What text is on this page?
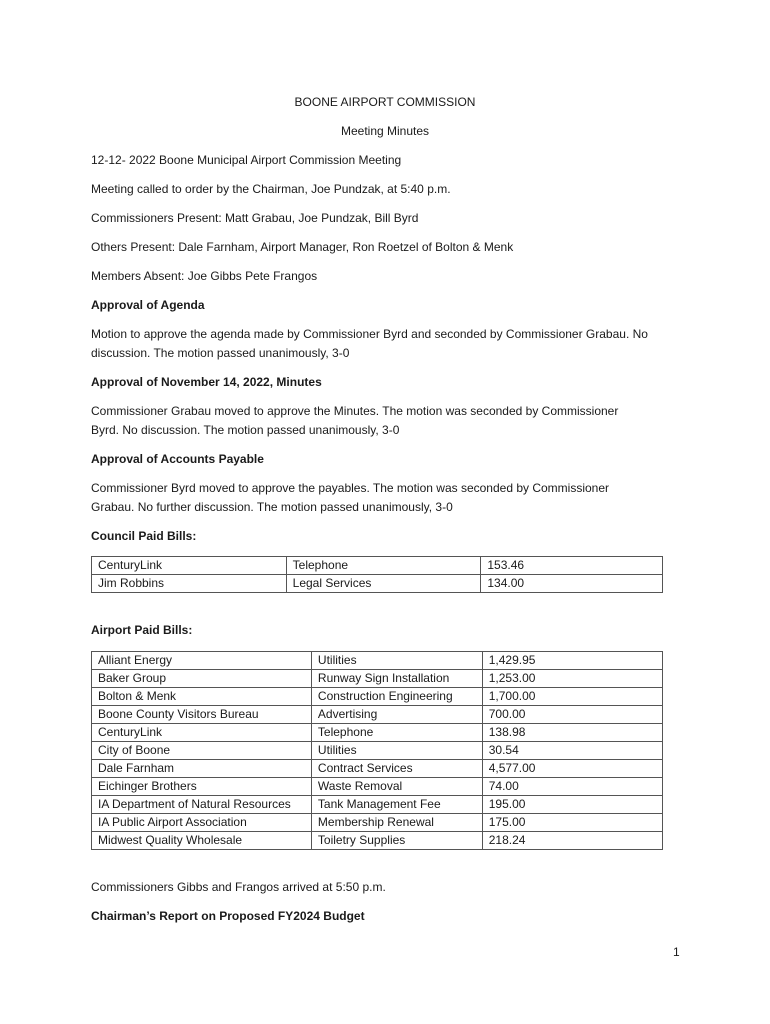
BOONE AIRPORT COMMISSION
Meeting Minutes
12-12- 2022 Boone Municipal Airport Commission Meeting
Meeting called to order by the Chairman, Joe Pundzak, at 5:40 p.m.
Commissioners Present: Matt Grabau, Joe Pundzak, Bill Byrd
Others Present: Dale Farnham, Airport Manager, Ron Roetzel of Bolton & Menk
Members Absent: Joe Gibbs Pete Frangos
Approval of Agenda
Motion to approve the agenda made by Commissioner Byrd and seconded by Commissioner Grabau. No
discussion. The motion passed unanimously, 3-0
Approval of November 14, 2022, Minutes
Commissioner Grabau moved to approve the Minutes. The motion was seconded by Commissioner
Byrd. No discussion. The motion passed unanimously, 3-0
Approval of Accounts Payable
Commissioner Byrd moved to approve the payables. The motion was seconded by Commissioner
Grabau. No further discussion. The motion passed unanimously, 3-0
Council Paid Bills:
CenturyLink	Telephone	153.46
Jim Robbins	Legal Services	134.00
Airport Paid Bills:
Alliant Energy	Utilities	1,429.95
Baker Group	Runway Sign Installation	1,253.00
Bolton & Menk	Construction Engineering	1,700.00
Boone County Visitors Bureau	Advertising	700.00
CenturyLink	Telephone	138.98
City of Boone	Utilities	30.54
Dale Farnham	Contract Services	4,577.00
Eichinger Brothers	Waste Removal	74.00
IA Department of Natural Resources	Tank Management Fee	195.00
IA Public Airport Association	Membership Renewal	175.00
Midwest Quality Wholesale	Toiletry Supplies	218.24
Commissioners Gibbs and Frangos arrived at 5:50 p.m.
Chairman’s Report on Proposed FY2024 Budget
1
